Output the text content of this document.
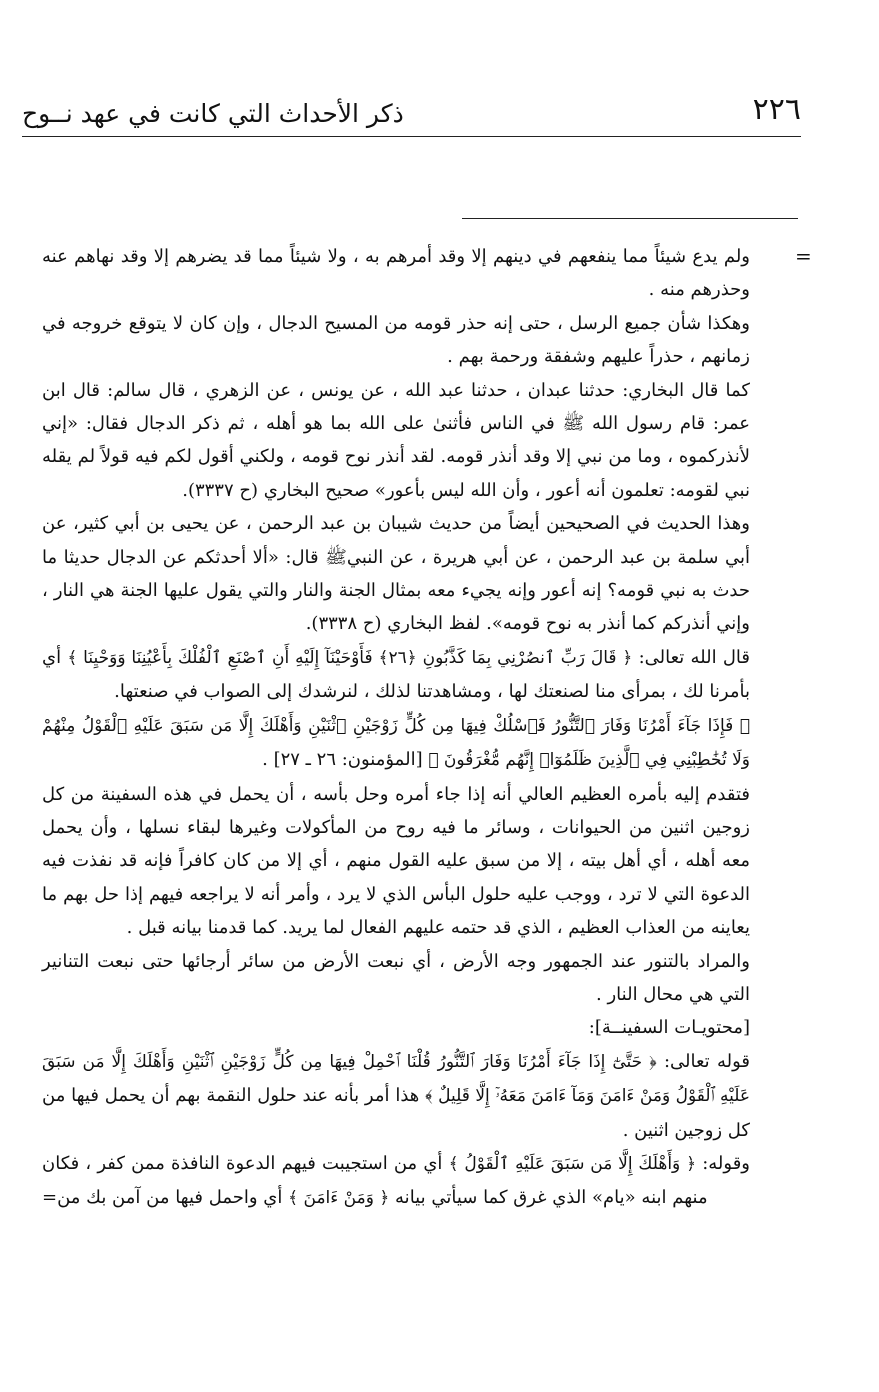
٢٢٦
ذكر الأحداث التي كانت في عهد نــوح
=

ولم يدع شيئاً مما ينفعهم في دينهم إلا وقد أمرهم به ، ولا شيئاً مما قد يضرهم إلا وقد نهاهم عنه وحذرهم منه .

وهكذا شأن جميع الرسل ، حتى إنه حذر قومه من المسيح الدجال ، وإن كان لا يتوقع خروجه في زمانهم ، حذراً عليهم وشفقة ورحمة بهم .

كما قال البخاري: حدثنا عبدان ، حدثنا عبد الله ، عن يونس ، عن الزهري ، قال سالم: قال ابن عمر: قام رسول الله ﷺ في الناس فأثنىٰ على الله بما هو أهله ، ثم ذكر الدجال فقال: «إني لأنذركموه ، وما من نبي إلا وقد أنذر قومه. لقد أنذر نوح قومه ، ولكني أقول لكم فيه قولاً لم يقله نبي لقومه: تعلمون أنه أعور ، وأن الله ليس بأعور» صحيح البخاري (ح ٣٣٣٧).

وهذا الحديث في الصحيحين أيضاً من حديث شيبان بن عبد الرحمن ، عن يحيى بن أبي كثير، عن أبي سلمة بن عبد الرحمن ، عن أبي هريرة ، عن النبيﷺ قال: «ألا أحدثكم عن الدجال حديثا ما حدث به نبي قومه؟ إنه أعور وإنه يجيء معه بمثال الجنة والنار والتي يقول عليها الجنة هي النار ، وإني أنذركم كما أنذر به نوح قومه». لفظ البخاري (ح ٣٣٣٨).

قال الله تعالى: ﴿ قَالَ رَبِّ ٱنصُرْنِي بِمَا كَذَّبُونِ ﴿٢٦﴾ فَأَوْحَيْنَآ إِلَيْهِ أَنِ ٱصْنَعِ ٱلْفُلْكَ بِأَعْيُنِنَا وَوَحْيِنَا ﴾ أي بأمرنا لك ، بمرأى منا لصنعتك لها ، ومشاهدتنا لذلك ، لنرشدك إلى الصواب في صنعتها.

﴿ فَإِذَا جَآءَ أَمْرُنَا وَفَارَ ٱلتَّنُّورُ فَٱسْلُكْ فِيهَا مِن كُلٍّ زَوْجَيْنِ ٱثْنَيْنِ وَأَهْلَكَ إِلَّا مَن سَبَقَ عَلَيْهِ ٱلْقَوْلُ مِنْهُمْ وَلَا تُخَٰطِبْنِي فِي ٱلَّذِينَ ظَلَمُوٓا۟ إِنَّهُم مُّغْرَقُونَ ﴾ [المؤمنون: ٢٦ ـ ٢٧] .

فتقدم إليه بأمره العظيم العالي أنه إذا جاء أمره وحل بأسه ، أن يحمل في هذه السفينة من كل زوجين اثنين من الحيوانات ، وسائر ما فيه روح من المأكولات وغيرها لبقاء نسلها ، وأن يحمل معه أهله ، أي أهل بيته ، إلا من سبق عليه القول منهم ، أي إلا من كان كافراً فإنه قد نفذت فيه الدعوة التي لا ترد ، ووجب عليه حلول البأس الذي لا يرد ، وأمر أنه لا يراجعه فيهم إذا حل بهم ما يعاينه من العذاب العظيم ، الذي قد حتمه عليهم الفعال لما يريد. كما قدمنا بيانه قبل .

والمراد بالتنور عند الجمهور وجه الأرض ، أي نبعت الأرض من سائر أرجائها حتى نبعت التنانير التي هي محال النار .

[محتويـات السفينــة]:

قوله تعالى: ﴿ حَتَّىٰٓ إِذَا جَآءَ أَمْرُنَا وَفَارَ ٱلتَّنُّورُ قُلْنَا ٱحْمِلْ فِيهَا مِن كُلٍّ زَوْجَيْنِ ٱثْنَيْنِ وَأَهْلَكَ إِلَّا مَن سَبَقَ عَلَيْهِ ٱلْقَوْلُ وَمَنْ ءَامَنَ وَمَآ ءَامَنَ مَعَهُۥٓ إِلَّا قَلِيلٌ ﴾ هذا أمر بأنه عند حلول النقمة بهم أن يحمل فيها من كل زوجين اثنين .

وقوله: ﴿ وَأَهْلَكَ إِلَّا مَن سَبَقَ عَلَيْهِ ٱلْقَوْلُ ﴾ أي من استجيبت فيهم الدعوة النافذة ممن كفر ، فكان منهم ابنه «يام» الذي غرق كما سيأتي بيانه ﴿ وَمَنْ ءَامَنَ ﴾ أي واحمل فيها من آمن بك من=
